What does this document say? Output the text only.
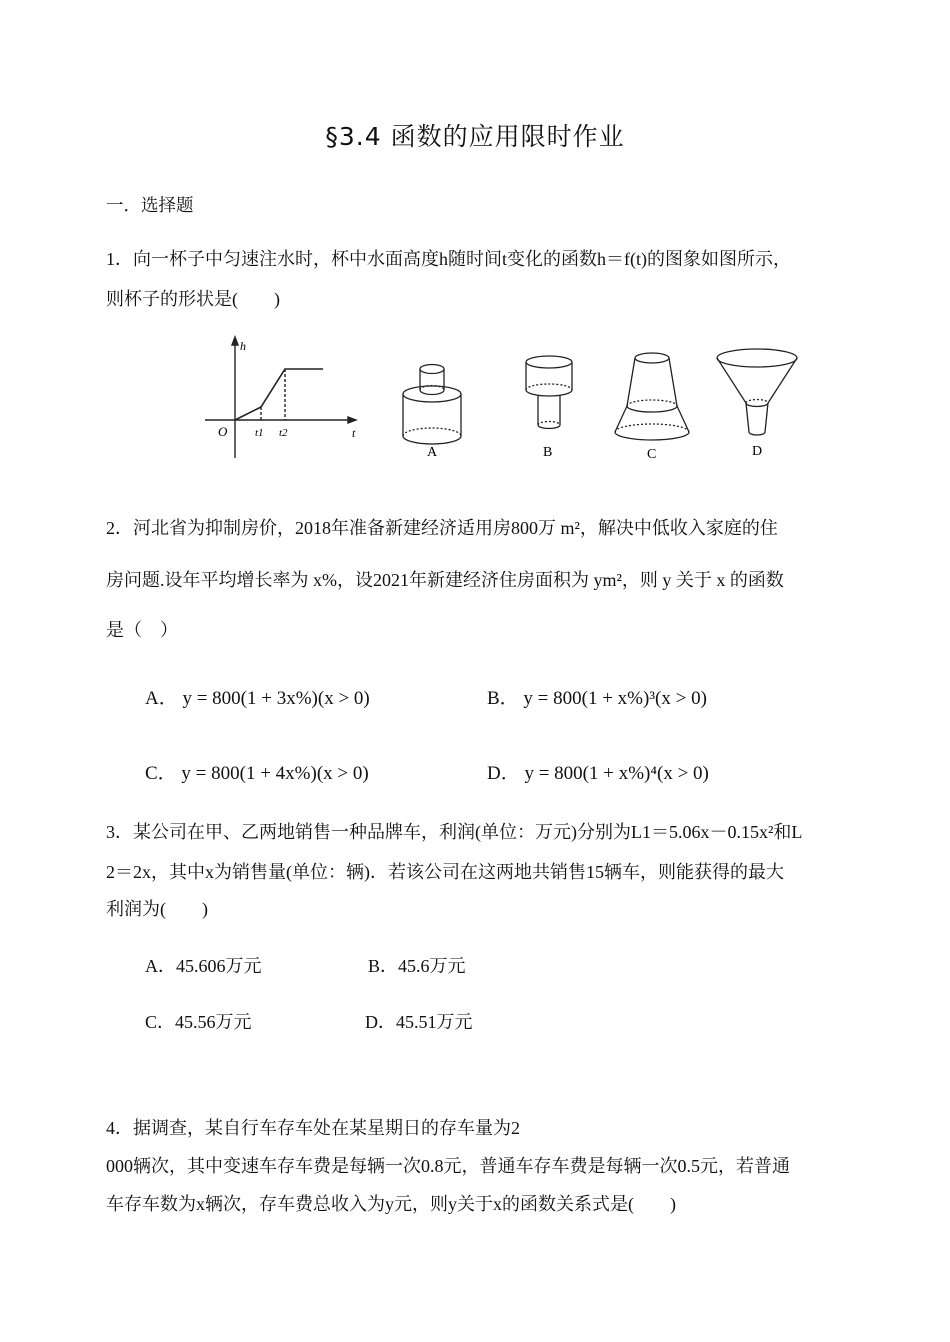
§3.4 函数的应用限时作业
一．选择题
1．向一杯子中匀速注水时，杯中水面高度h随时间t变化的函数h＝f(t)的图象如图所示，
则杯子的形状是(　　)
h
t
O	t1 t2
A	B	C	D
2．河北省为抑制房价，2018年准备新建经济适用房800万 m²，解决中低收入家庭的住
房问题.设年平均增长率为 x%，设2021年新建经济住房面积为 ym²，则 y 关于 x 的函数
是（　）
A． y = 800(1 + 3x%)(x > 0)	B． y = 800(1 + x%)³(x > 0)
C． y = 800(1 + 4x%)(x > 0)	D． y = 800(1 + x%)⁴(x > 0)
3．某公司在甲、乙两地销售一种品牌车，利润(单位：万元)分别为L1＝5.06x－0.15x²和L
2＝2x，其中x为销售量(单位：辆)．若该公司在这两地共销售15辆车，则能获得的最大
利润为(　　)
A．45.606万元	B．45.6万元
C．45.56万元	D．45.51万元
4．据调查，某自行车存车处在某星期日的存车量为2
000辆次，其中变速车存车费是每辆一次0.8元，普通车存车费是每辆一次0.5元，若普通
车存车数为x辆次，存车费总收入为y元，则y关于x的函数关系式是(　　)
